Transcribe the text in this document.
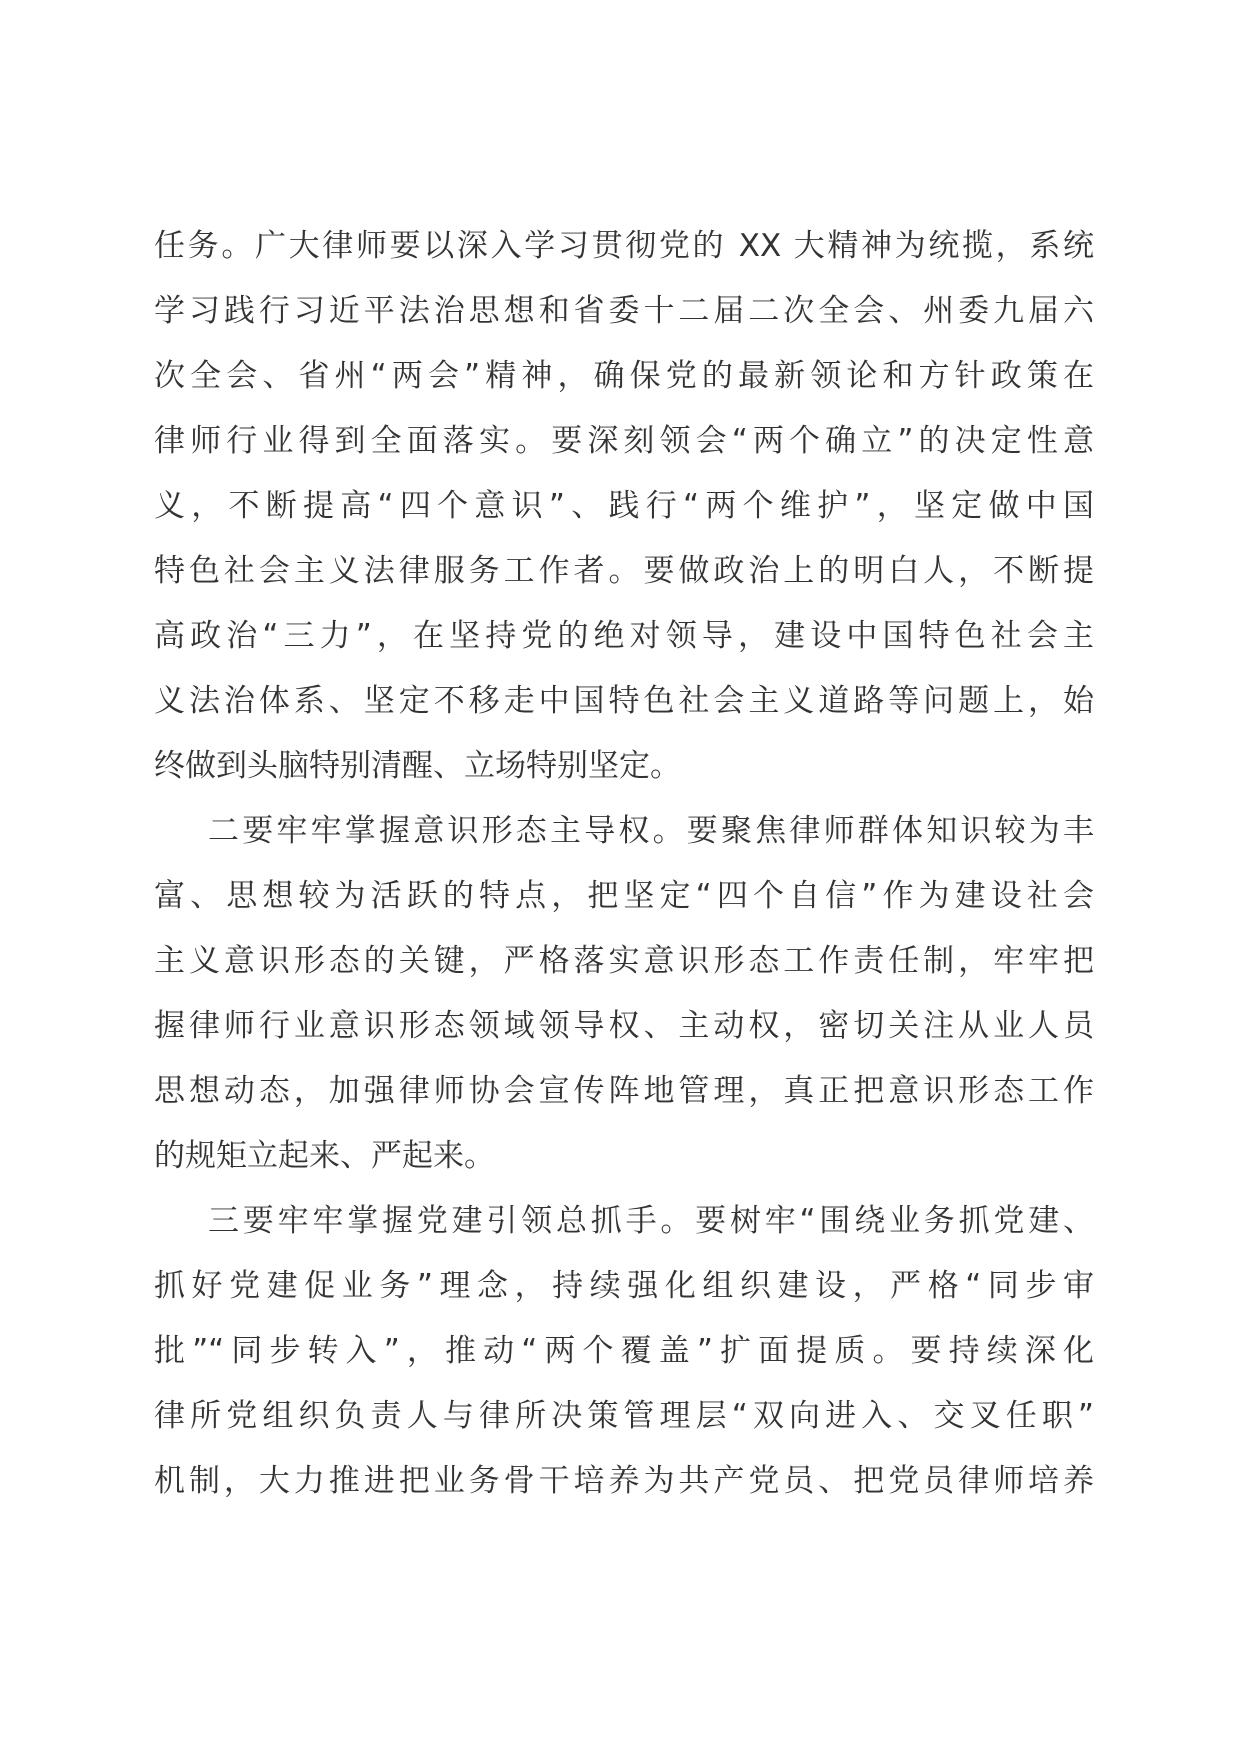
任务。广大律师要以深入学习贯彻党的 XX 大精神为统揽，系统
学习践行习近平法治思想和省委十二届二次全会、州委九届六
次全会、省州“两会”精神，确保党的最新领论和方针政策在
律师行业得到全面落实。要深刻领会“两个确立”的决定性意
义，不断提高“四个意识”、践行“两个维护”，坚定做中国
特色社会主义法律服务工作者。要做政治上的明白人，不断提
高政治“三力”，在坚持党的绝对领导，建设中国特色社会主
义法治体系、坚定不移走中国特色社会主义道路等问题上，始
终做到头脑特别清醒、立场特别坚定。
二要牢牢掌握意识形态主导权。要聚焦律师群体知识较为丰
富、思想较为活跃的特点，把坚定“四个自信”作为建设社会
主义意识形态的关键，严格落实意识形态工作责任制，牢牢把
握律师行业意识形态领域领导权、主动权，密切关注从业人员
思想动态，加强律师协会宣传阵地管理，真正把意识形态工作
的规矩立起来、严起来。
三要牢牢掌握党建引领总抓手。要树牢“围绕业务抓党建、
抓好党建促业务”理念，持续强化组织建设，严格“同步审
批”“同步转入”，推动“两个覆盖”扩面提质。要持续深化
律所党组织负责人与律所决策管理层“双向进入、交叉任职”
机制，大力推进把业务骨干培养为共产党员、把党员律师培养
